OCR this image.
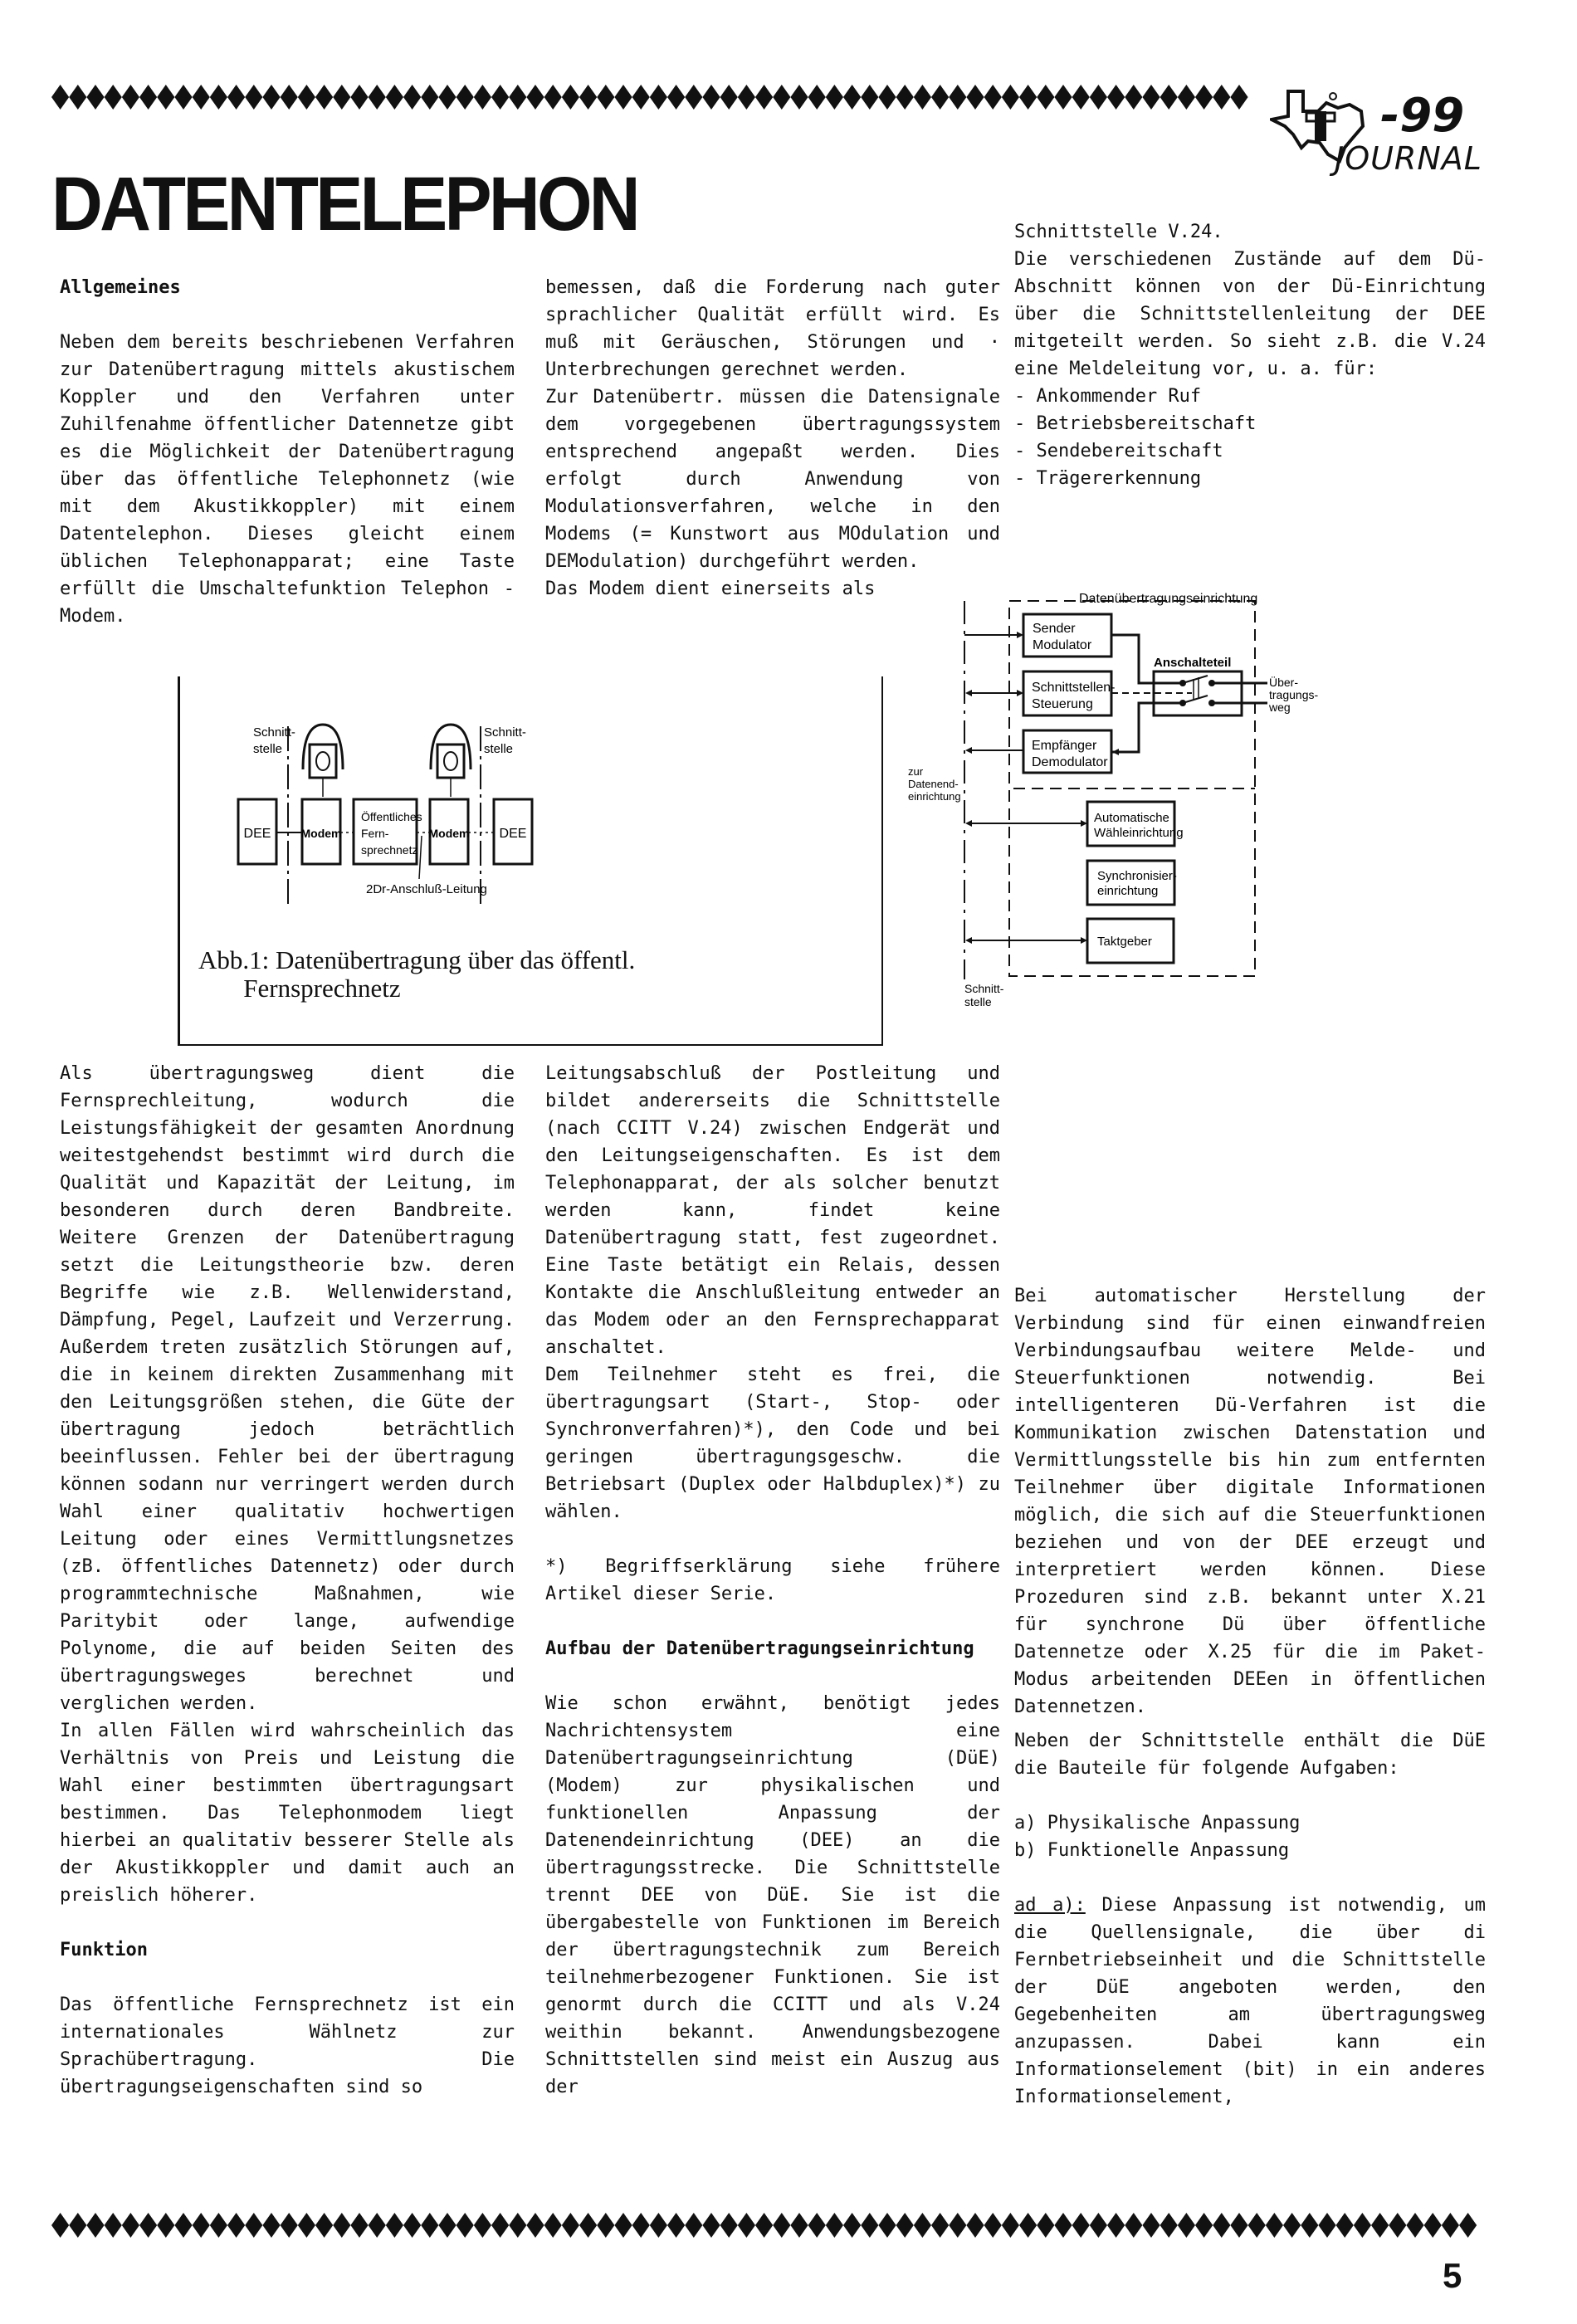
-99
JOURNAL
DATENTELEPHON
Allgemeines

Neben dem bereits beschriebenen Verfahren zur Datenübertragung mittels akustischem Koppler und den Verfahren unter Zuhilfenahme öffentlicher Datennetze gibt es die Möglichkeit der Datenübertragung über das öffentliche Telephonnetz (wie mit dem Akustikkoppler) mit einem Datentelephon. Dieses gleicht einem üblichen Telephonapparat; eine Taste erfüllt die Umschaltefunktion Telephon - Modem.

bemessen, daß die Forderung nach guter sprachlicher Qualität erfüllt wird. Es muß mit Geräuschen, Störungen und · Unterbrechungen gerechnet werden.

Zur Datenübertr. müssen die Datensignale dem vorgegebenen übertragungssystem entsprechend angepaßt werden. Dies erfolgt durch Anwendung von Modulationsverfahren, welche in den Modems (= Kunstwort aus MOdulation und DEModulation) durchgeführt werden.

Das Modem dient einerseits als

Schnittstelle V.24.

Die verschiedenen Zustände auf dem Dü-Abschnitt können von der Dü-Einrichtung über die Schnittstellenleitung der DEE mitgeteilt werden. So sieht z.B. die V.24 eine Meldeleitung vor, u. a. für:

- Ankommender Ruf
- Betriebsbereitschaft
- Sendebereitschaft
- Trägererkennung
Schnitt-
stelle
Schnitt-
stelle
DEE	Modem
Öffentliches
Fern-
sprechnetz
Modem DEE
2Dr-Anschluß-Leitung
Abb.1: Datenübertragung über das öffentl.
Fernsprechnetz
Datenübertragungseinrichtung
Sender
Modulator
Schnittstellen-
Steuerung
Empfänger
Demodulator
Anschalteteil
Über-
tragungs-
weg
zur
Datenend-
einrichtung
Automatische
Wähleinrichtung
Synchronisier-
einrichtung
Taktgeber
Schnitt-
stelle

Als übertragungsweg dient die Fernsprechleitung, wodurch die Leistungsfähigkeit der gesamten Anordnung weitestgehendst bestimmt wird durch die Qualität und Kapazität der Leitung, im besonderen durch deren Bandbreite. Weitere Grenzen der Datenübertragung setzt die Leitungstheorie bzw. deren Begriffe wie z.B. Wellenwiderstand, Dämpfung, Pegel, Laufzeit und Verzerrung. Außerdem treten zusätzlich Störungen auf, die in keinem direkten Zusammenhang mit den Leitungsgrößen stehen, die Güte der übertragung jedoch beträchtlich beeinflussen. Fehler bei der übertragung können sodann nur verringert werden durch Wahl einer qualitativ hochwertigen Leitung oder eines Vermittlungsnetzes (zB. öffentliches Datennetz) oder durch programmtechnische Maßnahmen, wie Paritybit oder lange, aufwendige Polynome, die auf beiden Seiten des übertragungsweges berechnet und verglichen werden.

In allen Fällen wird wahrscheinlich das Verhältnis von Preis und Leistung die Wahl einer bestimmten übertragungsart bestimmen. Das Telephonmodem liegt hierbei an qualitativ besserer Stelle als der Akustikkoppler und damit auch an preislich höherer.

Funktion

Das öffentliche Fernsprechnetz ist ein internationales Wählnetz zur Sprachübertragung. Die übertragungseigenschaften sind so

Leitungsabschluß der Postleitung und bildet andererseits die Schnittstelle (nach CCITT V.24) zwischen Endgerät und den Leitungseigenschaften. Es ist dem Telephonapparat, der als solcher benutzt werden kann, findet keine Datenübertragung statt, fest zugeordnet. Eine Taste betätigt ein Relais, dessen Kontakte die Anschlußleitung entweder an das Modem oder an den Fernsprechapparat anschaltet.

Dem Teilnehmer steht es frei, die übertragungsart (Start-, Stop- oder Synchronverfahren)*), den Code und bei geringen übertragungsgeschw. die Betriebsart (Duplex oder Halbduplex)*) zu wählen.

*) Begriffserklärung siehe frühere Artikel dieser Serie.

Aufbau der Datenübertragungseinrichtung

Wie schon erwähnt, benötigt jedes Nachrichtensystem eine Datenübertragungseinrichtung (DüE) (Modem) zur physikalischen und funktionellen Anpassung der Datenendeinrichtung (DEE) an die übertragungsstrecke. Die Schnittstelle trennt DEE von DüE. Sie ist die übergabestelle von Funktionen im Bereich der übertragungstechnik zum Bereich teilnehmerbezogener Funktionen. Sie ist genormt durch die CCITT und als V.24 weithin bekannt. Anwendungsbezogene Schnittstellen sind meist ein Auszug aus der

Bei automatischer Herstellung der Verbindung sind für einen einwandfreien Verbindungsaufbau weitere Melde- und Steuerfunktionen notwendig. Bei intelligenteren Dü-Verfahren ist die Kommunikation zwischen Datenstation und Vermittlungsstelle bis hin zum entfernten Teilnehmer über digitale Informationen möglich, die sich auf die Steuerfunktionen beziehen und von der DEE erzeugt und interpretiert werden können. Diese Prozeduren sind z.B. bekannt unter X.21 für synchrone Dü über öffentliche Datennetze oder X.25 für die im Paket-Modus arbeitenden DEEen in öffentlichen Datennetzen.

Neben der Schnittstelle enthält die DüE die Bauteile für folgende Aufgaben:

a) Physikalische Anpassung
b) Funktionelle Anpassung

ad a): Diese Anpassung ist notwendig, um die Quellensignale, die über di Fernbetriebseinheit und die Schnittstelle der DüE angeboten werden, den Gegebenheiten am übertragungsweg anzupassen. Dabei kann ein Informationselement (bit) in ein anderes Informationselement,

5
